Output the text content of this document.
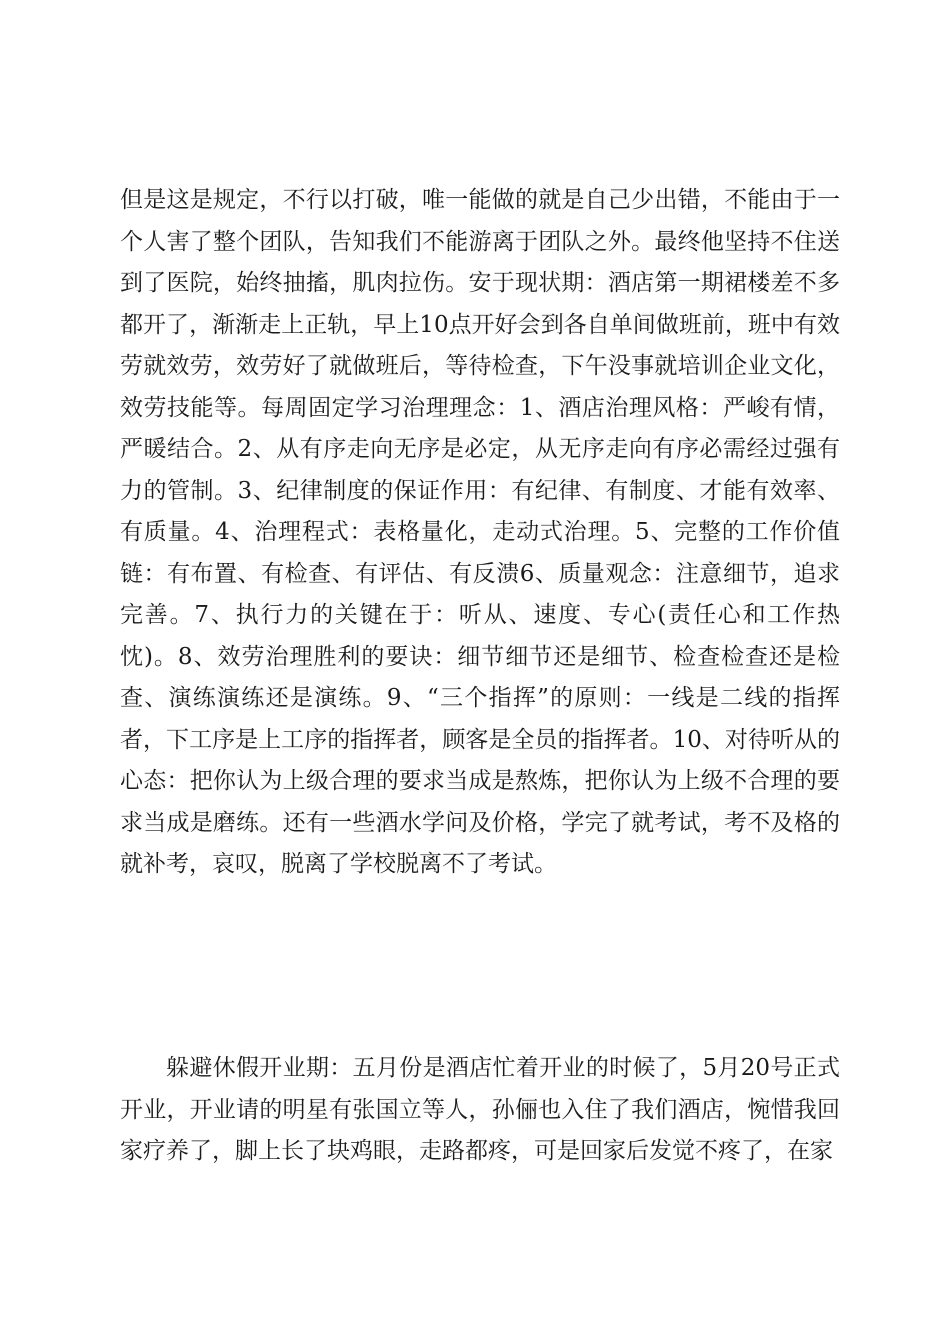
但是这是规定，不行以打破，唯一能做的就是自己少出错，不能由于一个人害了整个团队，告知我们不能游离于团队之外。最终他坚持不住送到了医院，始终抽搐，肌肉拉伤。安于现状期：酒店第一期裙楼差不多都开了，渐渐走上正轨，早上10点开好会到各自单间做班前，班中有效劳就效劳，效劳好了就做班后，等待检查，下午没事就培训企业文化，效劳技能等。每周固定学习治理理念：1、酒店治理风格：严峻有情，严暖结合。2、从有序走向无序是必定，从无序走向有序必需经过强有力的管制。3、纪律制度的保证作用：有纪律、有制度、才能有效率、有质量。4、治理程式：表格量化，走动式治理。5、完整的工作价值链：有布置、有检查、有评估、有反溃6、质量观念：注意细节，追求完善。7、执行力的关键在于：听从、速度、专心(责任心和工作热忱)。8、效劳治理胜利的要诀：细节细节还是细节、检查检查还是检查、演练演练还是演练。9、“三个指挥”的原则：一线是二线的指挥者，下工序是上工序的指挥者，顾客是全员的指挥者。10、对待听从的心态：把你认为上级合理的要求当成是熬炼，把你认为上级不合理的要求当成是磨练。还有一些酒水学问及价格，学完了就考试，考不及格的就补考，哀叹，脱离了学校脱离不了考试。

躲避休假开业期：五月份是酒店忙着开业的时候了，5月20号正式开业，开业请的明星有张国立等人，孙俪也入住了我们酒店，惋惜我回家疗养了，脚上长了块鸡眼，走路都疼，可是回家后发觉不疼了，在家
